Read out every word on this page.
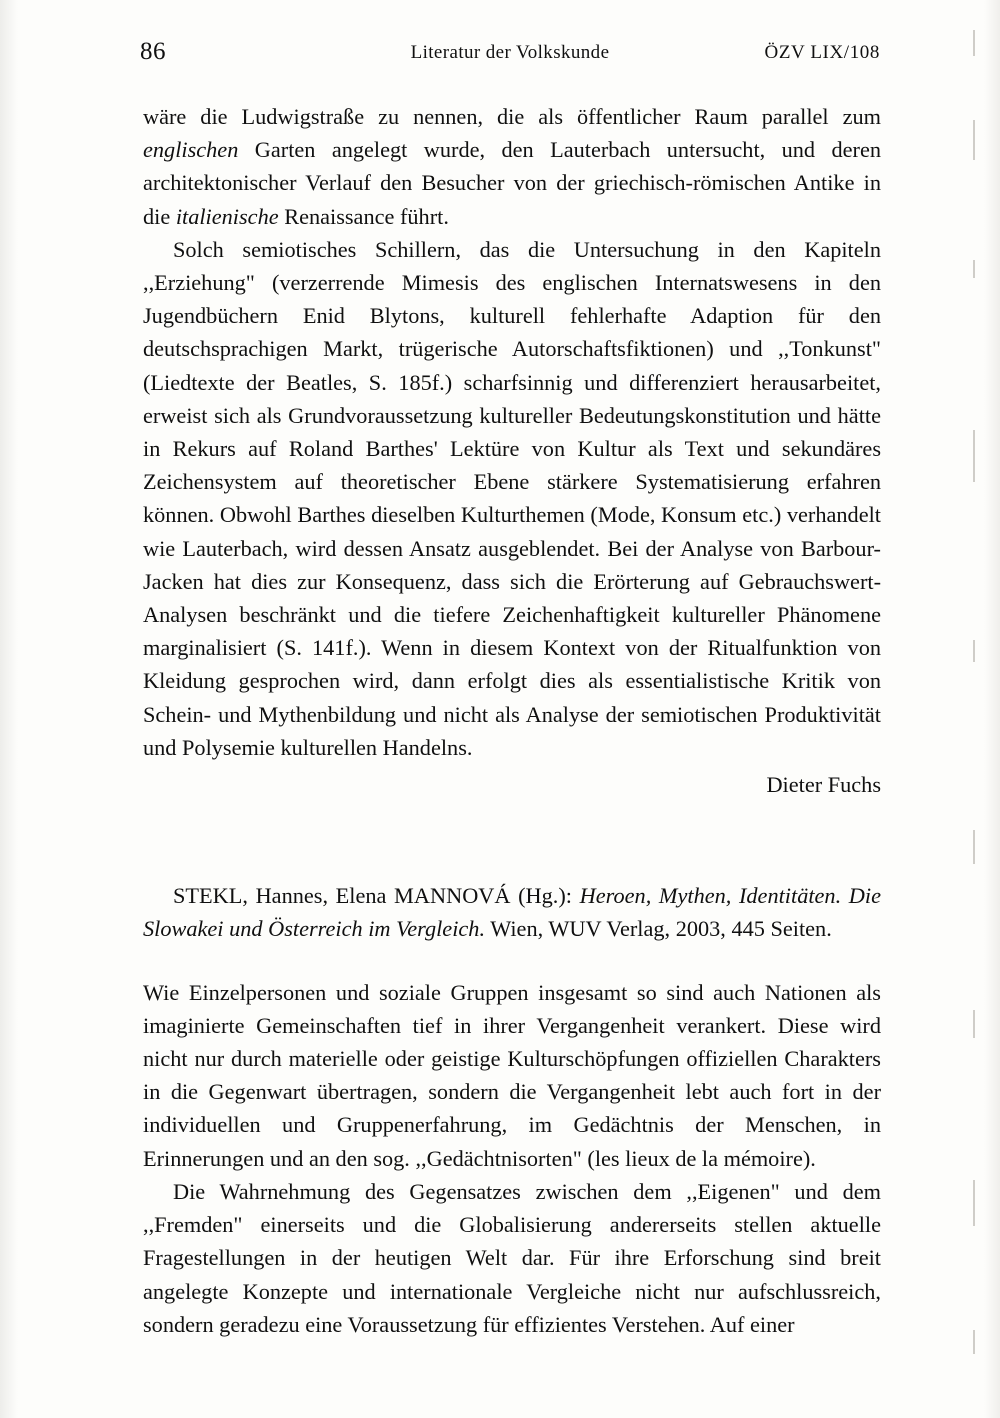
86	Literatur der Volkskunde	ÖZV LIX/108

wäre die Ludwigstraße zu nennen, die als öffentlicher Raum parallel zum englischen Garten angelegt wurde, den Lauterbach untersucht, und deren architektonischer Verlauf den Besucher von der griechisch-römischen Antike in die italienische Renaissance führt.

Solch semiotisches Schillern, das die Untersuchung in den Kapiteln ,,Erziehung" (verzerrende Mimesis des englischen Internatswesens in den Jugendbüchern Enid Blytons, kulturell fehlerhafte Adaption für den deutschsprachigen Markt, trügerische Autorschaftsfiktionen) und ,,Tonkunst" (Liedtexte der Beatles, S. 185f.) scharfsinnig und differenziert herausarbeitet, erweist sich als Grundvoraussetzung kultureller Bedeutungskonstitution und hätte in Rekurs auf Roland Barthes' Lektüre von Kultur als Text und sekundäres Zeichensystem auf theoretischer Ebene stärkere Systematisierung erfahren können. Obwohl Barthes dieselben Kulturthemen (Mode, Konsum etc.) verhandelt wie Lauterbach, wird dessen Ansatz ausgeblendet. Bei der Analyse von Barbour-Jacken hat dies zur Konsequenz, dass sich die Erörterung auf Gebrauchswert-Analysen beschränkt und die tiefere Zeichenhaftigkeit kultureller Phänomene marginalisiert (S. 141f.). Wenn in diesem Kontext von der Ritualfunktion von Kleidung gesprochen wird, dann erfolgt dies als essentialistische Kritik von Schein- und Mythenbildung und nicht als Analyse der semiotischen Produktivität und Polysemie kulturellen Handelns.

Dieter Fuchs

STEKL, Hannes, Elena MANNOVÁ (Hg.): Heroen, Mythen, Identitäten. Die Slowakei und Österreich im Vergleich. Wien, WUV Verlag, 2003, 445 Seiten.

Wie Einzelpersonen und soziale Gruppen insgesamt so sind auch Nationen als imaginierte Gemeinschaften tief in ihrer Vergangenheit verankert. Diese wird nicht nur durch materielle oder geistige Kulturschöpfungen offiziellen Charakters in die Gegenwart übertragen, sondern die Vergangenheit lebt auch fort in der individuellen und Gruppenerfahrung, im Gedächtnis der Menschen, in Erinnerungen und an den sog. ,,Gedächtnisorten" (les lieux de la mémoire).

Die Wahrnehmung des Gegensatzes zwischen dem ,,Eigenen" und dem ,,Fremden" einerseits und die Globalisierung andererseits stellen aktuelle Fragestellungen in der heutigen Welt dar. Für ihre Erforschung sind breit angelegte Konzepte und internationale Vergleiche nicht nur aufschlussreich, sondern geradezu eine Voraussetzung für effizientes Verstehen. Auf einer
